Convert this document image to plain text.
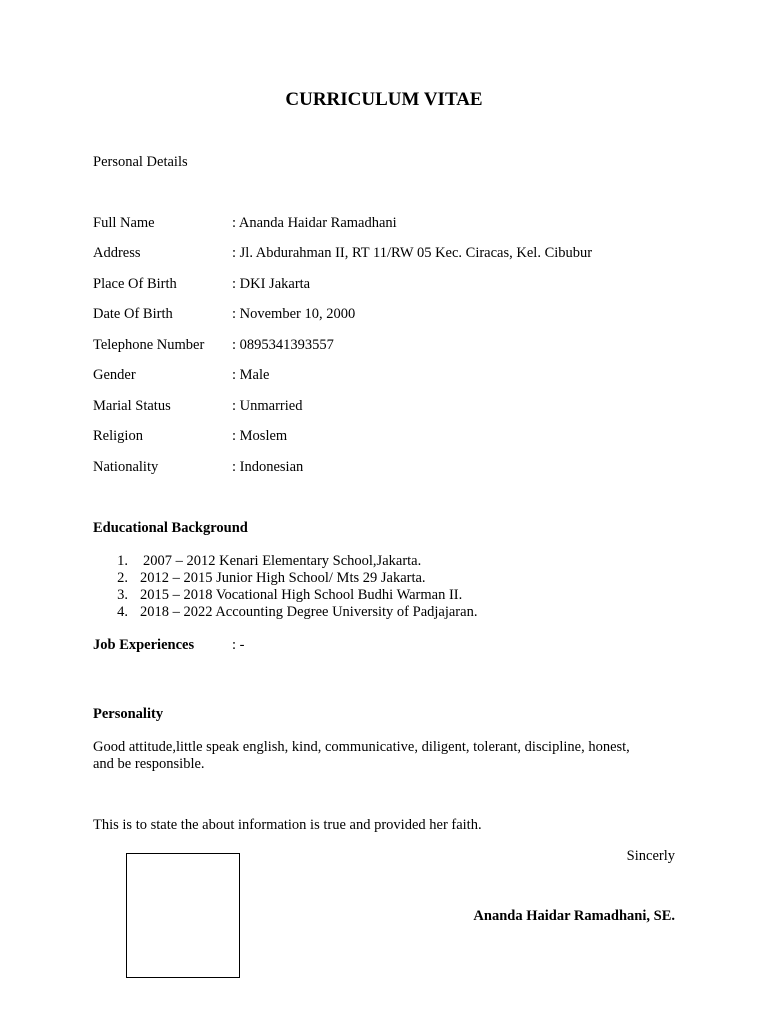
CURRICULUM VITAE
Personal Details
Full Name	: Ananda Haidar Ramadhani
Address	: Jl. Abdurahman II, RT 11/RW 05 Kec. Ciracas, Kel. Cibubur
Place Of Birth	: DKI Jakarta
Date Of Birth	: November 10, 2000
Telephone Number : 0895341393557
Gender	: Male
Marial Status	: Unmarried
Religion	: Moslem
Nationality	: Indonesian
Educational Background
1. 2007 – 2012 Kenari Elementary School,Jakarta.
2. 2012 – 2015 Junior High School/ Mts 29 Jakarta.
3. 2015 – 2018 Vocational High School Budhi Warman II.
4. 2018 – 2022 Accounting Degree University of Padjajaran.
Job Experiences	: -
Personality
Good attitude,little speak english, kind, communicative, diligent, tolerant, discipline, honest,
and be responsible.
This is to state the about information is true and provided her faith.
Sincerly
Ananda Haidar Ramadhani, SE.
